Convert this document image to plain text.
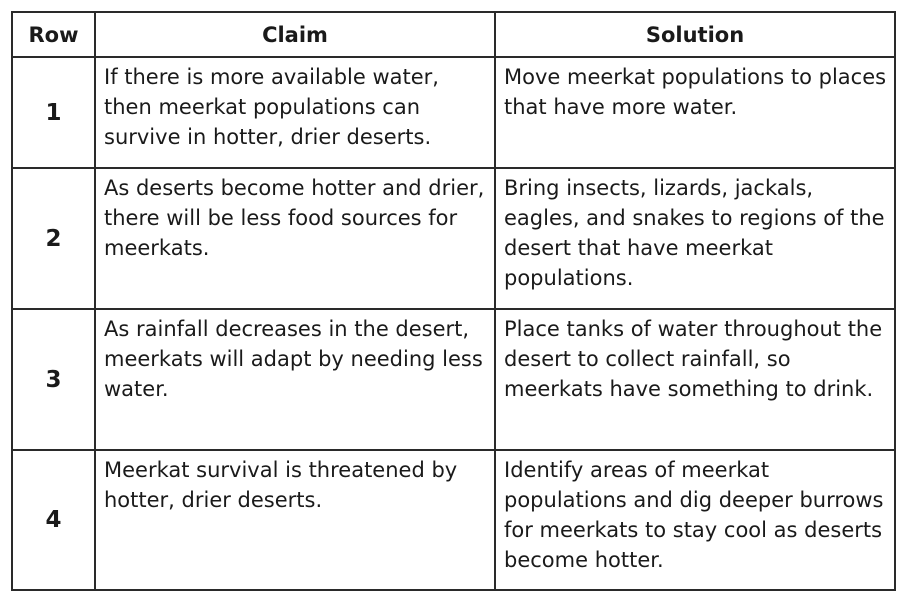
Row	Claim	Solution
1	If there is more available water, then meerkat populations can survive in hotter, drier deserts.	Move meerkat populations to places that have more water.
2	As deserts become hotter and drier, there will be less food sources for meerkats.	Bring insects, lizards, jackals, eagles, and snakes to regions of the desert that have meerkat populations.
3	As rainfall decreases in the desert, meerkats will adapt by needing less water.	Place tanks of water throughout the desert to collect rainfall, so meerkats have something to drink.
4	Meerkat survival is threatened by hotter, drier deserts.	Identify areas of meerkat populations and dig deeper burrows for meerkats to stay cool as deserts become hotter.
